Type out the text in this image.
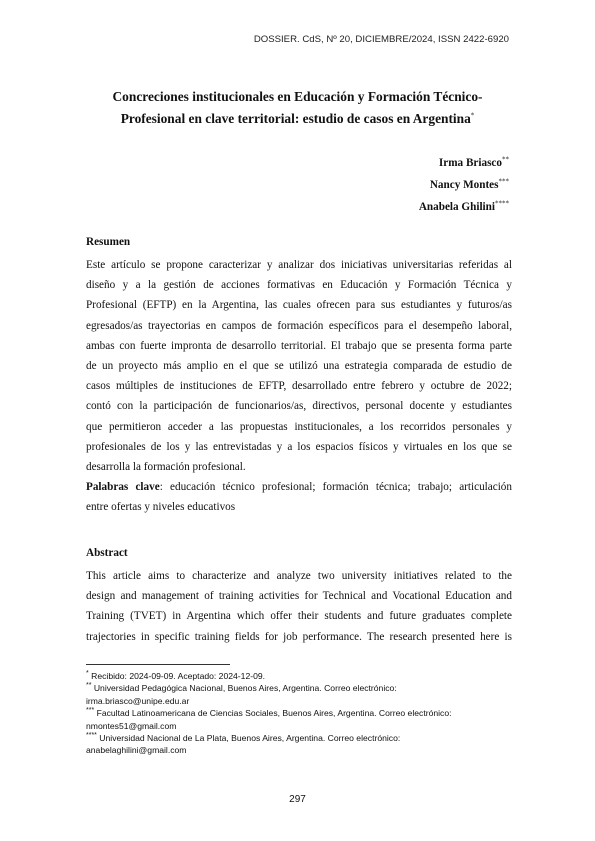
DOSSIER. CdS, Nº 20, DICIEMBRE/2024, ISSN 2422-6920
Concreciones institucionales en Educación y Formación Técnico-
Profesional en clave territorial: estudio de casos en Argentina*
Irma Briasco**
Nancy Montes***
Anabela Ghilini****
Resumen
Este artículo se propone caracterizar y analizar dos iniciativas universitarias referidas al
diseño y a la gestión de acciones formativas en Educación y Formación Técnica y
Profesional (EFTP) en la Argentina, las cuales ofrecen para sus estudiantes y futuros/as
egresados/as trayectorias en campos de formación específicos para el desempeño laboral,
ambas con fuerte impronta de desarrollo territorial. El trabajo que se presenta forma parte
de un proyecto más amplio en el que se utilizó una estrategia comparada de estudio de
casos múltiples de instituciones de EFTP, desarrollado entre febrero y octubre de 2022;
contó con la participación de funcionarios/as, directivos, personal docente y estudiantes
que permitieron acceder a las propuestas institucionales, a los recorridos personales y
profesionales de los y las entrevistadas y a los espacios físicos y virtuales en los que se
desarrolla la formación profesional.
Palabras clave: educación técnico profesional; formación técnica; trabajo; articulación
entre ofertas y niveles educativos
Abstract
This article aims to characterize and analyze two university initiatives related to the
design and management of training activities for Technical and Vocational Education and
Training (TVET) in Argentina which offer their students and future graduates complete
trajectories in specific training fields for job performance. The research presented here is
* Recibido: 2024-09-09. Aceptado: 2024-12-09.
** Universidad Pedagógica Nacional, Buenos Aires, Argentina. Correo electrónico:
irma.briasco@unipe.edu.ar
*** Facultad Latinoamericana de Ciencias Sociales, Buenos Aires, Argentina. Correo electrónico:
nmontes51@gmail.com
**** Universidad Nacional de La Plata, Buenos Aires, Argentina. Correo electrónico:
anabelaghilini@gmail.com
297
